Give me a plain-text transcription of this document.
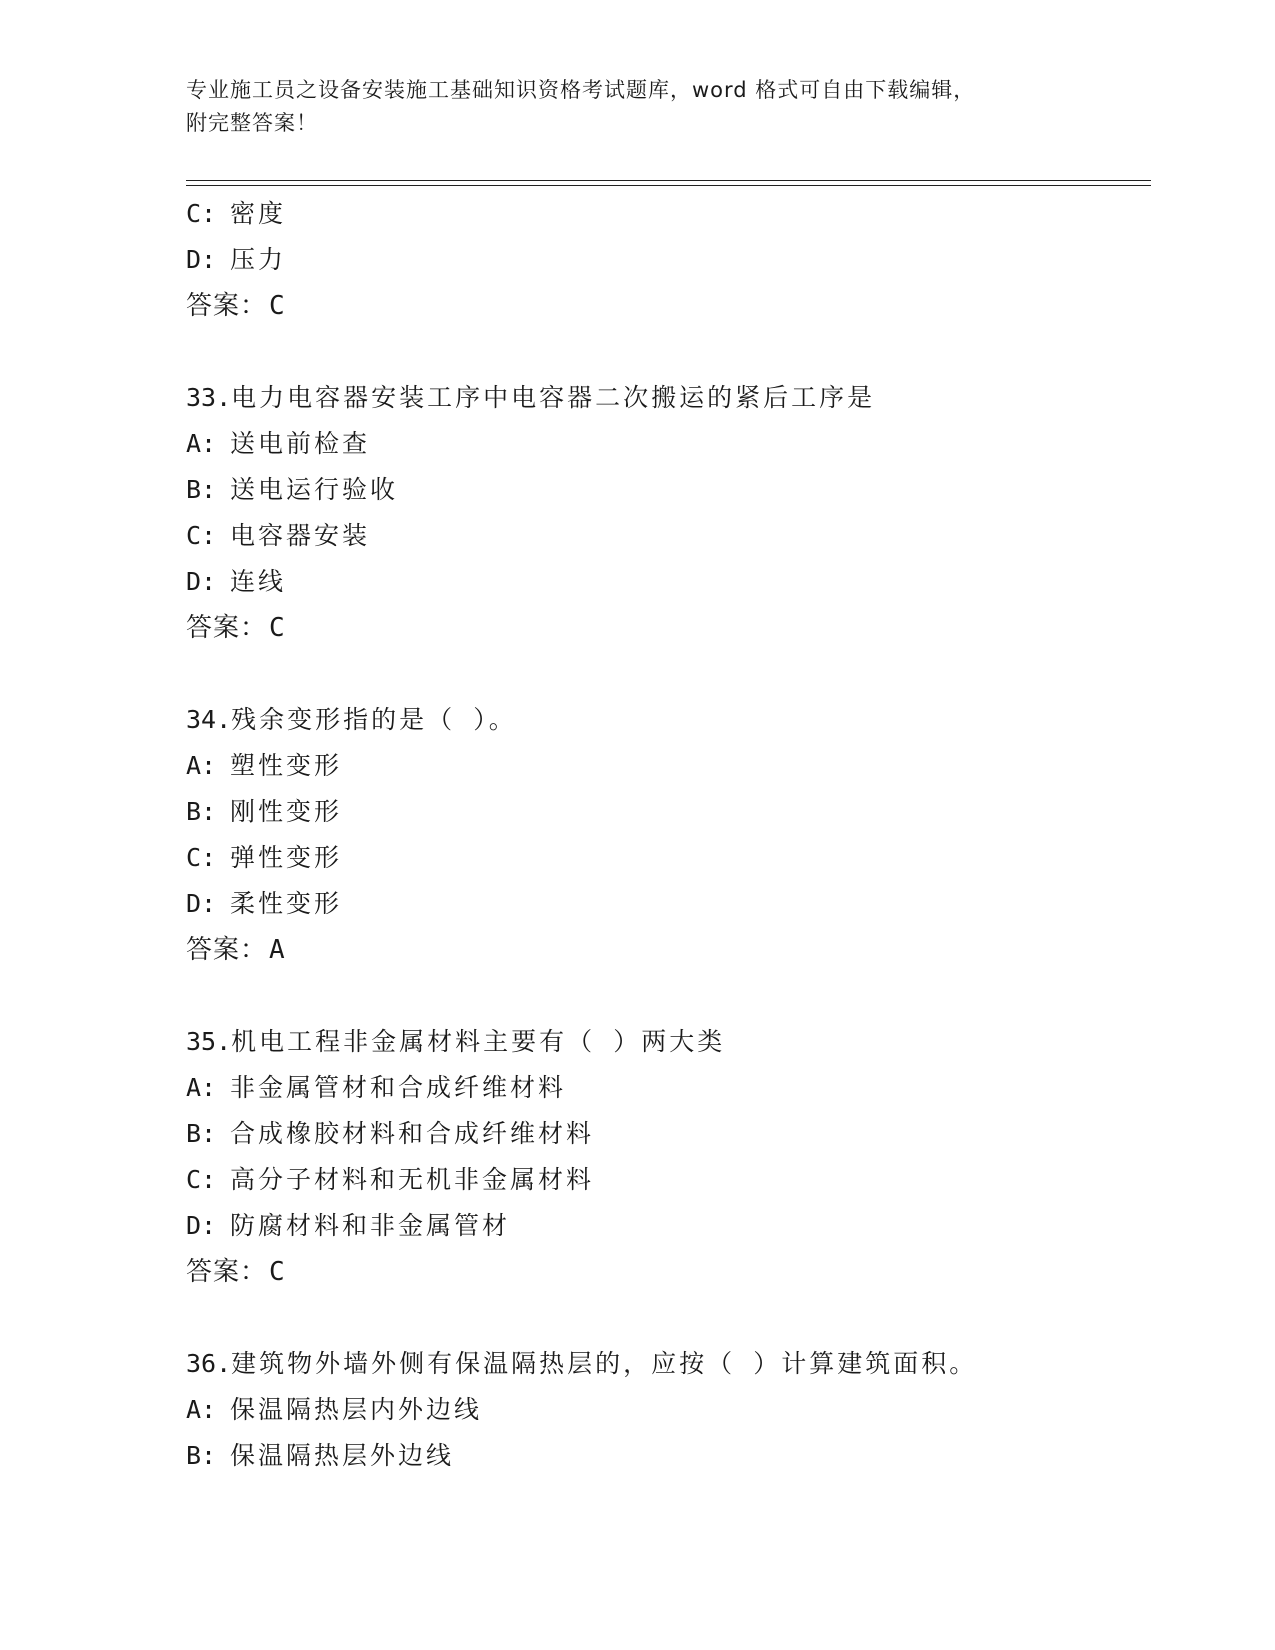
专业施工员之设备安装施工基础知识资格考试题库，word 格式可自由下载编辑，
附完整答案！
C: 密度
D: 压力
答案：C
33.电力电容器安装工序中电容器二次搬运的紧后工序是
A: 送电前检查
B: 送电运行验收
C: 电容器安装
D: 连线
答案：C
34.残余变形指的是（ ）。
A: 塑性变形
B: 刚性变形
C: 弹性变形
D: 柔性变形
答案：A
35.机电工程非金属材料主要有（ ）两大类
A: 非金属管材和合成纤维材料
B: 合成橡胶材料和合成纤维材料
C: 高分子材料和无机非金属材料
D: 防腐材料和非金属管材
答案：C
36.建筑物外墙外侧有保温隔热层的，应按（ ）计算建筑面积。
A: 保温隔热层内外边线
B: 保温隔热层外边线
